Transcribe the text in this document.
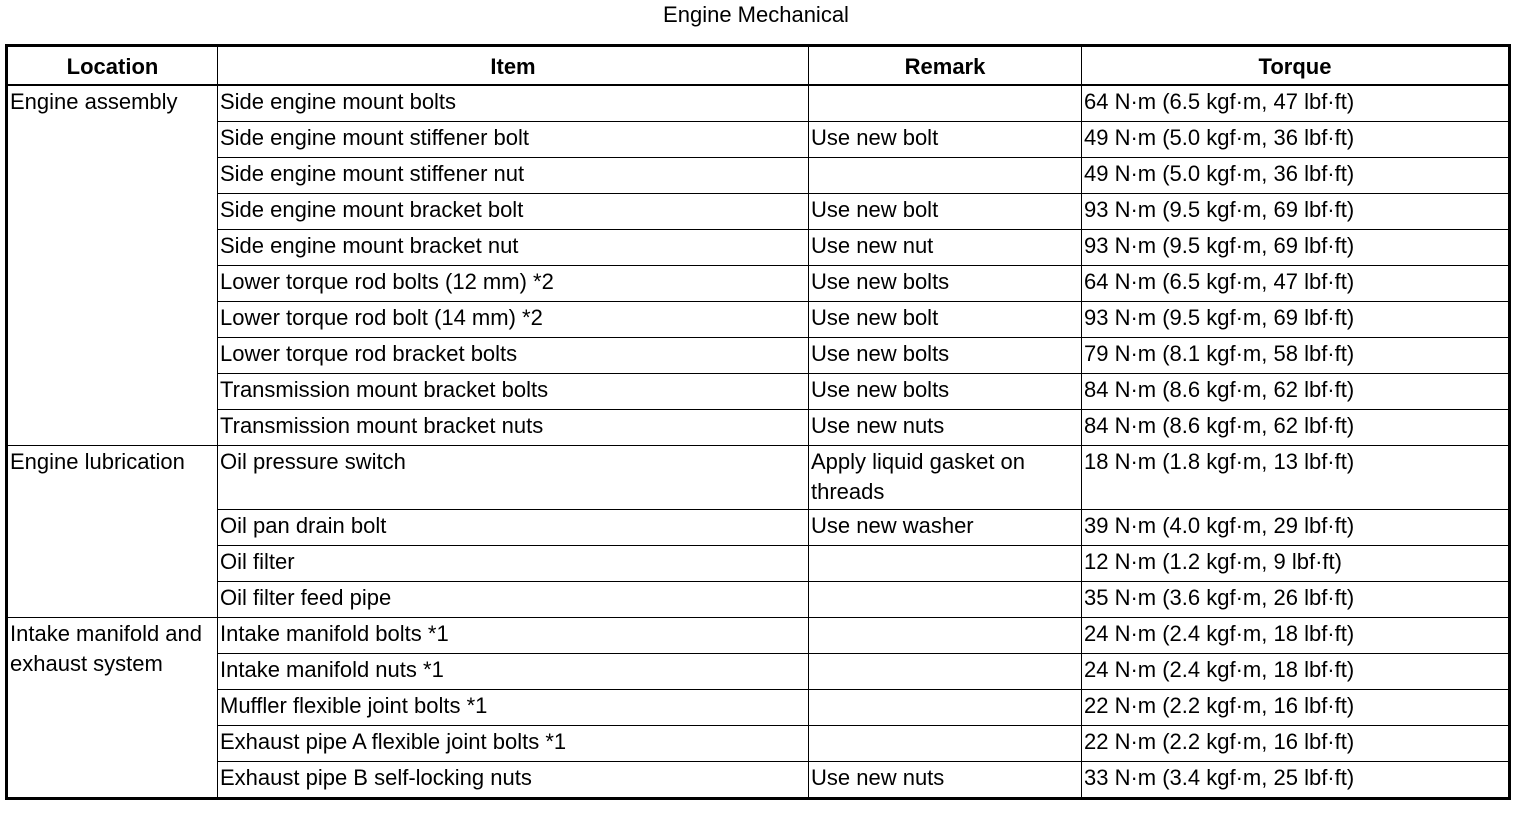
Engine Mechanical
Location	Item	Remark	Torque
Engine assembly	Side engine mount bolts		64 N·m (6.5 kgf·m, 47 lbf·ft)
	Side engine mount stiffener bolt	Use new bolt	49 N·m (5.0 kgf·m, 36 lbf·ft)
	Side engine mount stiffener nut		49 N·m (5.0 kgf·m, 36 lbf·ft)
	Side engine mount bracket bolt	Use new bolt	93 N·m (9.5 kgf·m, 69 lbf·ft)
	Side engine mount bracket nut	Use new nut	93 N·m (9.5 kgf·m, 69 lbf·ft)
	Lower torque rod bolts (12 mm) *2	Use new bolts	64 N·m (6.5 kgf·m, 47 lbf·ft)
	Lower torque rod bolt (14 mm) *2	Use new bolt	93 N·m (9.5 kgf·m, 69 lbf·ft)
	Lower torque rod bracket bolts	Use new bolts	79 N·m (8.1 kgf·m, 58 lbf·ft)
	Transmission mount bracket bolts	Use new bolts	84 N·m (8.6 kgf·m, 62 lbf·ft)
	Transmission mount bracket nuts	Use new nuts	84 N·m (8.6 kgf·m, 62 lbf·ft)
Engine lubrication	Oil pressure switch	Apply liquid gasket on threads	18 N·m (1.8 kgf·m, 13 lbf·ft)
	Oil pan drain bolt	Use new washer	39 N·m (4.0 kgf·m, 29 lbf·ft)
	Oil filter		12 N·m (1.2 kgf·m, 9 lbf·ft)
	Oil filter feed pipe		35 N·m (3.6 kgf·m, 26 lbf·ft)
Intake manifold and exhaust system	Intake manifold bolts *1		24 N·m (2.4 kgf·m, 18 lbf·ft)
	Intake manifold nuts *1		24 N·m (2.4 kgf·m, 18 lbf·ft)
	Muffler flexible joint bolts *1		22 N·m (2.2 kgf·m, 16 lbf·ft)
	Exhaust pipe A flexible joint bolts *1		22 N·m (2.2 kgf·m, 16 lbf·ft)
	Exhaust pipe B self-locking nuts	Use new nuts	33 N·m (3.4 kgf·m, 25 lbf·ft)
